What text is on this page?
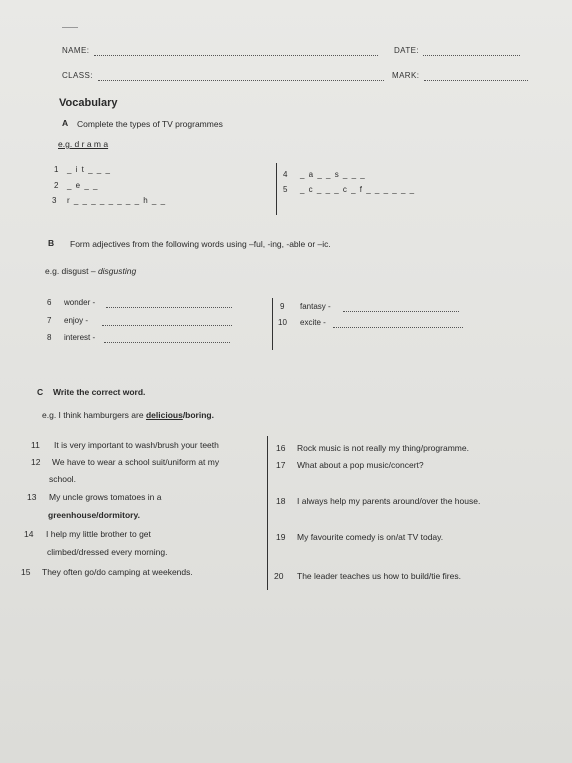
NAME:	DATE:
CLASS:	MARK:
Vocabulary
A Complete the types of TV programmes
e.g. d r a m a
1 _ i t _ _ _
2 _ e _ _
3 r _ _ _ _ _ _ _ _ h _ _
4 _ a _ _ s _ _ _
5 _ c _ _ _ c _ f _ _ _ _ _ _
B Form adjectives from the following words using –ful, -ing, -able or –ic.
e.g. disgust – disgusting
6 wonder -
7 enjoy -
8 interest -
9 fantasy -
10 excite -
C Write the correct word.
e.g. I think hamburgers are delicious/boring.
11 It is very important to wash/brush your teeth
12 We have to wear a school suit/uniform at my
school.
13 My uncle grows tomatoes in a
greenhouse/dormitory.
14 I help my little brother to get
climbed/dressed every morning.
15 They often go/do camping at weekends.
16 Rock music is not really my thing/programme.
17 What about a pop music/concert?
18 I always help my parents around/over the house.
19 My favourite comedy is on/at TV today.
20 The leader teaches us how to build/tie fires.
